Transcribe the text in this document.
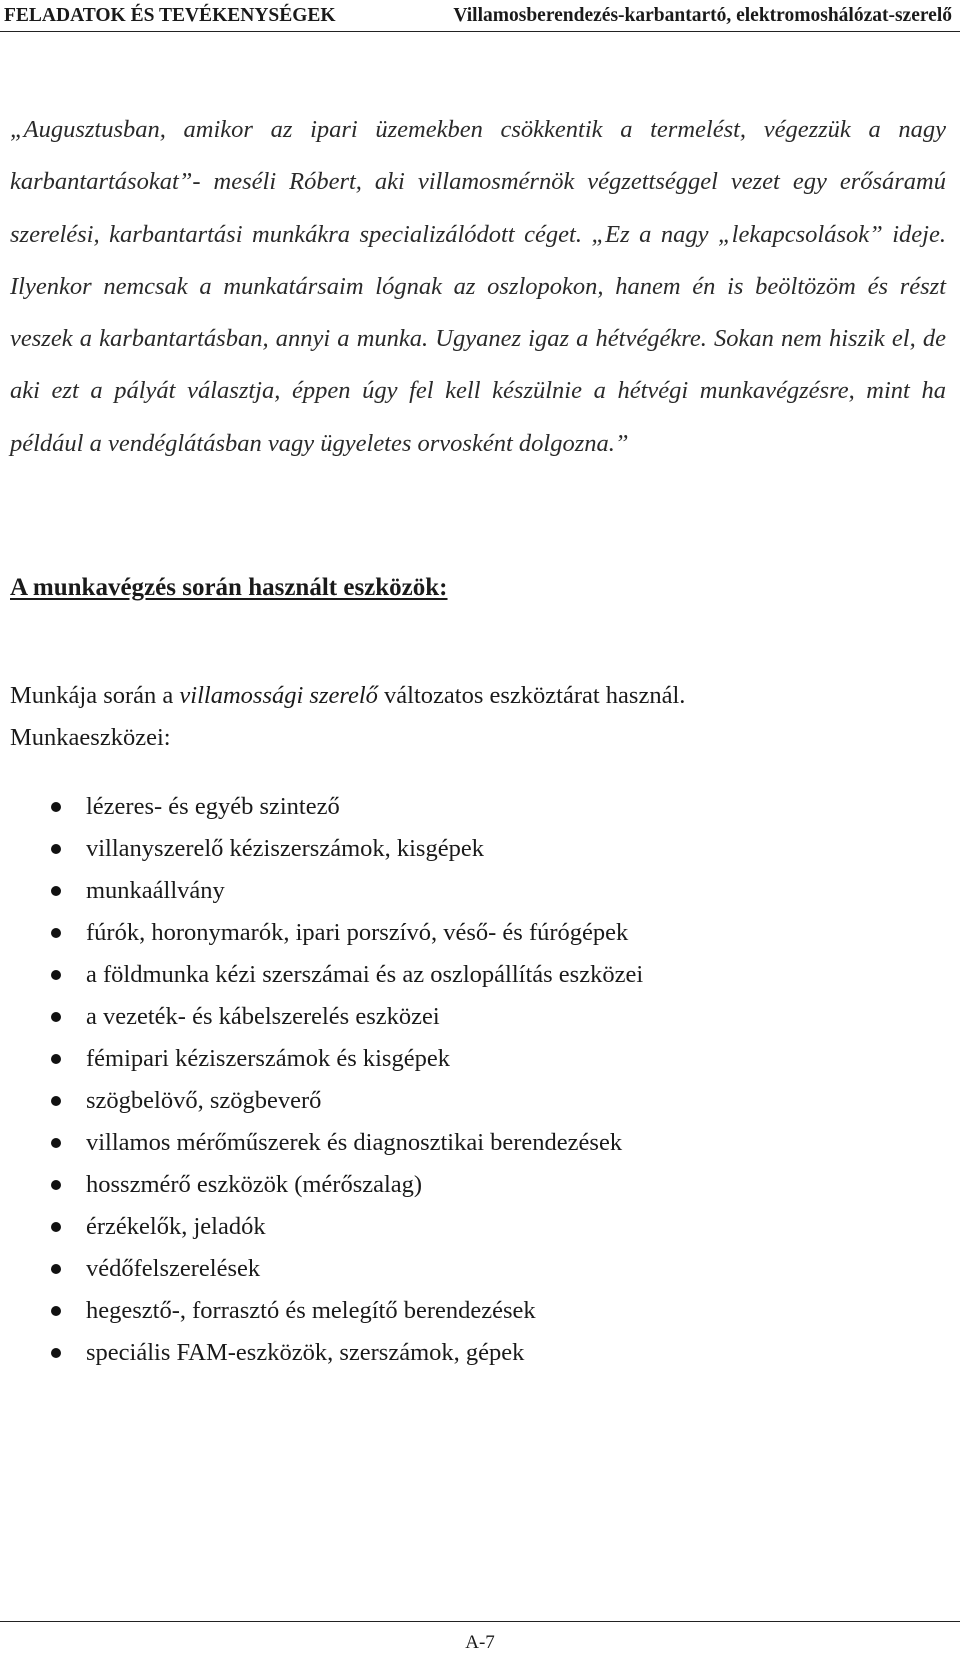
FELADATOK ÉS TEVÉKENYSÉGEK	Villamosberendezés-karbantartó, elektromoshálózat-szerelő

„Augusztusban, amikor az ipari üzemekben csökkentik a termelést, végezzük a nagy karbantartásokat”- meséli Róbert, aki villamosmérnök végzettséggel vezet egy erősáramú szerelési, karbantartási munkákra specializálódott céget. „Ez a nagy „lekapcsolások” ideje. Ilyenkor nemcsak a munkatársaim lógnak az oszlopokon, hanem én is beöltözöm és részt veszek a karbantartásban, annyi a munka. Ugyanez igaz a hétvégékre. Sokan nem hiszik el, de aki ezt a pályát választja, éppen úgy fel kell készülnie a hétvégi munkavégzésre, mint ha például a vendéglátásban vagy ügyeletes orvosként dolgozna.”

A munkavégzés során használt eszközök:

Munkája során a villamossági szerelő változatos eszköztárat használ.
Munkaeszközei:

lézeres- és egyéb szintező
villanyszerelő kéziszerszámok, kisgépek
munkaállvány
fúrók, horonymarók, ipari porszívó, véső- és fúrógépek
a földmunka kézi szerszámai és az oszlopállítás eszközei
a vezeték- és kábelszerelés eszközei
fémipari kéziszerszámok és kisgépek
szögbelövő, szögbeverő
villamos mérőműszerek és diagnosztikai berendezések
hosszmérő eszközök (mérőszalag)
érzékelők, jeladók
védőfelszerelések
hegesztő-, forrasztó és melegítő berendezések
speciális FAM-eszközök, szerszámok, gépek
A-7
